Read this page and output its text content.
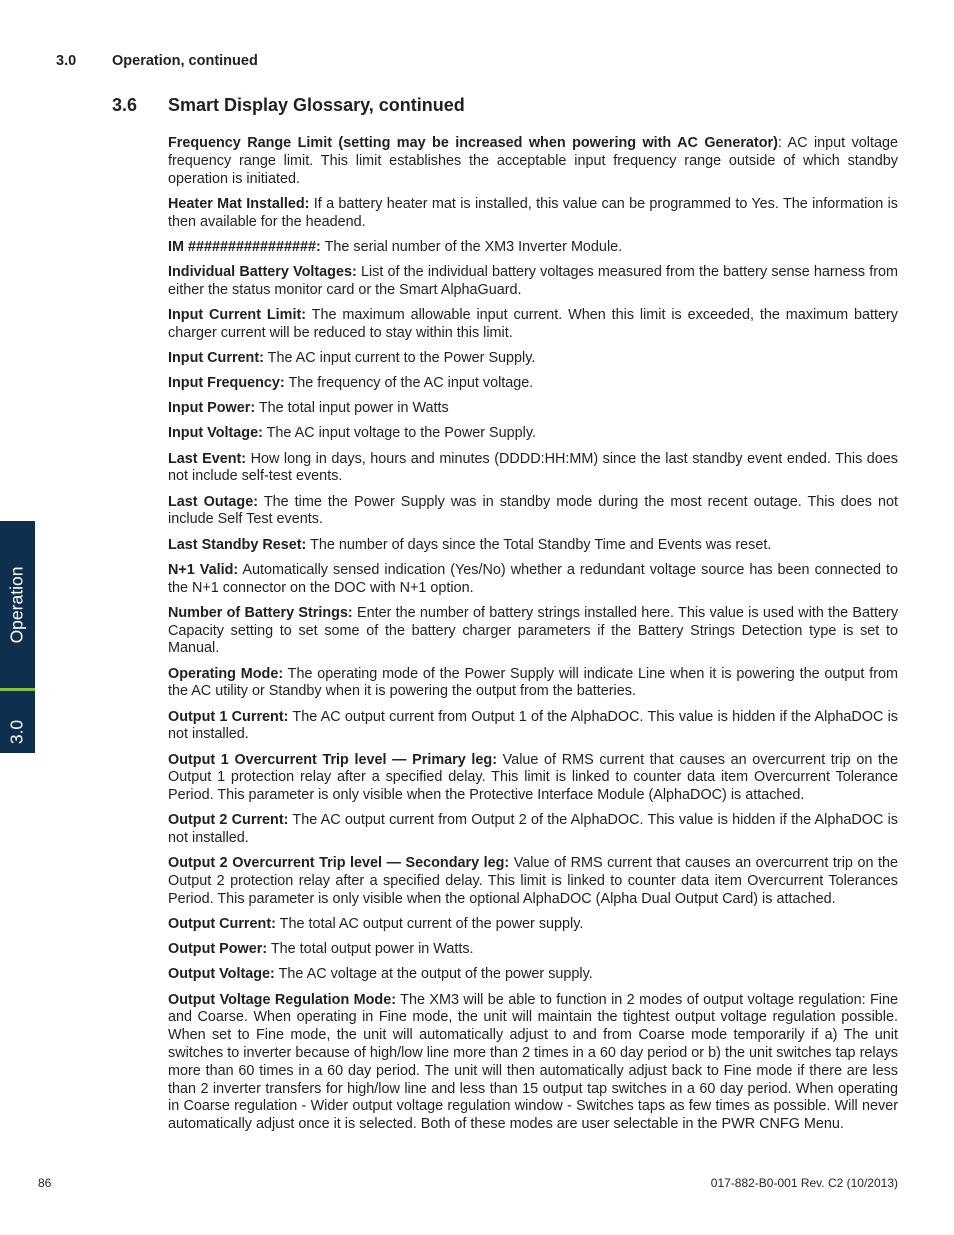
3.0 Operation, continued
3.6 Smart Display Glossary, continued

Frequency Range Limit (setting may be increased when powering with AC Generator): AC input voltage frequency range limit. This limit establishes the acceptable input frequency range outside of which standby operation is initiated.

Heater Mat Installed: If a battery heater mat is installed, this value can be programmed to Yes. The information is then available for the headend.

IM ################: The serial number of the XM3 Inverter Module.

Individual Battery Voltages: List of the individual battery voltages measured from the battery sense harness from either the status monitor card or the Smart AlphaGuard.

Input Current Limit: The maximum allowable input current. When this limit is exceeded, the maximum battery charger current will be reduced to stay within this limit.

Input Current: The AC input current to the Power Supply.

Input Frequency: The frequency of the AC input voltage.

Input Power: The total input power in Watts

Input Voltage: The AC input voltage to the Power Supply.

Last Event: How long in days, hours and minutes (DDDD:HH:MM) since the last standby event ended. This does not include self-test events.

Last Outage: The time the Power Supply was in standby mode during the most recent outage. This does not include Self Test events.

Last Standby Reset: The number of days since the Total Standby Time and Events was reset.

N+1 Valid: Automatically sensed indication (Yes/No) whether a redundant voltage source has been connected to the N+1 connector on the DOC with N+1 option.

Number of Battery Strings: Enter the number of battery strings installed here. This value is used with the Battery Capacity setting to set some of the battery charger parameters if the Battery Strings Detection type is set to Manual.

Operating Mode: The operating mode of the Power Supply will indicate Line when it is powering the output from the AC utility or Standby when it is powering the output from the batteries.

Output 1 Current: The AC output current from Output 1 of the AlphaDOC. This value is hidden if the AlphaDOC is not installed.

Output 1 Overcurrent Trip level — Primary leg: Value of RMS current that causes an overcurrent trip on the Output 1 protection relay after a specified delay. This limit is linked to counter data item Overcurrent Tolerance Period. This parameter is only visible when the Protective Interface Module (AlphaDOC) is attached.

Output 2 Current: The AC output current from Output 2 of the AlphaDOC. This value is hidden if the AlphaDOC is not installed.

Output 2 Overcurrent Trip level — Secondary leg: Value of RMS current that causes an overcurrent trip on the Output 2 protection relay after a specified delay. This limit is linked to counter data item Overcurrent Tolerances Period. This parameter is only visible when the optional AlphaDOC (Alpha Dual Output Card) is attached.

Output Current: The total AC output current of the power supply.

Output Power: The total output power in Watts.

Output Voltage: The AC voltage at the output of the power supply.

Output Voltage Regulation Mode: The XM3 will be able to function in 2 modes of output voltage regulation: Fine and Coarse. When operating in Fine mode, the unit will maintain the tightest output voltage regulation possible. When set to Fine mode, the unit will automatically adjust to and from Coarse mode temporarily if a) The unit switches to inverter because of high/low line more than 2 times in a 60 day period or b) the unit switches tap relays more than 60 times in a 60 day period. The unit will then automatically adjust back to Fine mode if there are less than 2 inverter transfers for high/low line and less than 15 output tap switches in a 60 day period. When operating in Coarse regulation - Wider output voltage regulation window - Switches taps as few times as possible. Will never automatically adjust once it is selected. Both of these modes are user selectable in the PWR CNFG Menu.

Operation
3.0
86	017-882-B0-001 Rev. C2 (10/2013)
